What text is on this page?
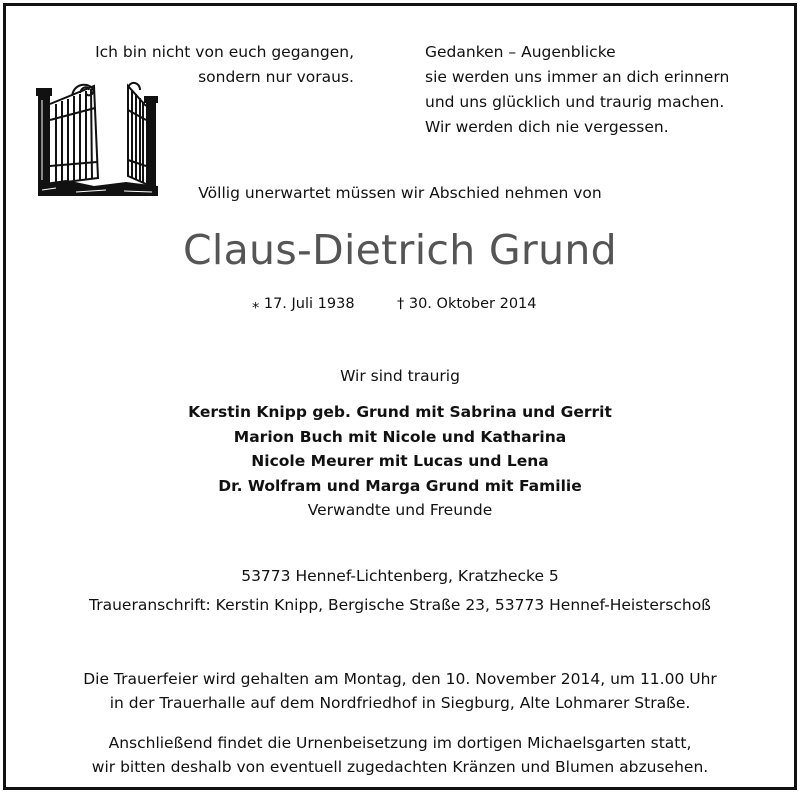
Ich bin nicht von euch gegangen,
sondern nur voraus.
Gedanken – Augenblicke
sie werden uns immer an dich erinnern
und uns glücklich und traurig machen.
Wir werden dich nie vergessen.
Völlig unerwartet müssen wir Abschied nehmen von
Claus-Dietrich Grund
⁎ 17. Juli 1938	† 30. Oktober 2014
Wir sind traurig
Kerstin Knipp geb. Grund mit Sabrina und Gerrit
Marion Buch mit Nicole und Katharina
Nicole Meurer mit Lucas und Lena
Dr. Wolfram und Marga Grund mit Familie
Verwandte und Freunde
53773 Hennef-Lichtenberg, Kratzhecke 5
Traueranschrift: Kerstin Knipp, Bergische Straße 23, 53773 Hennef-Heisterschoß
Die Trauerfeier wird gehalten am Montag, den 10. November 2014, um 11.00 Uhr
in der Trauerhalle auf dem Nordfriedhof in Siegburg, Alte Lohmarer Straße.
Anschließend findet die Urnenbeisetzung im dortigen Michaelsgarten statt,
wir bitten deshalb von eventuell zugedachten Kränzen und Blumen abzusehen.
